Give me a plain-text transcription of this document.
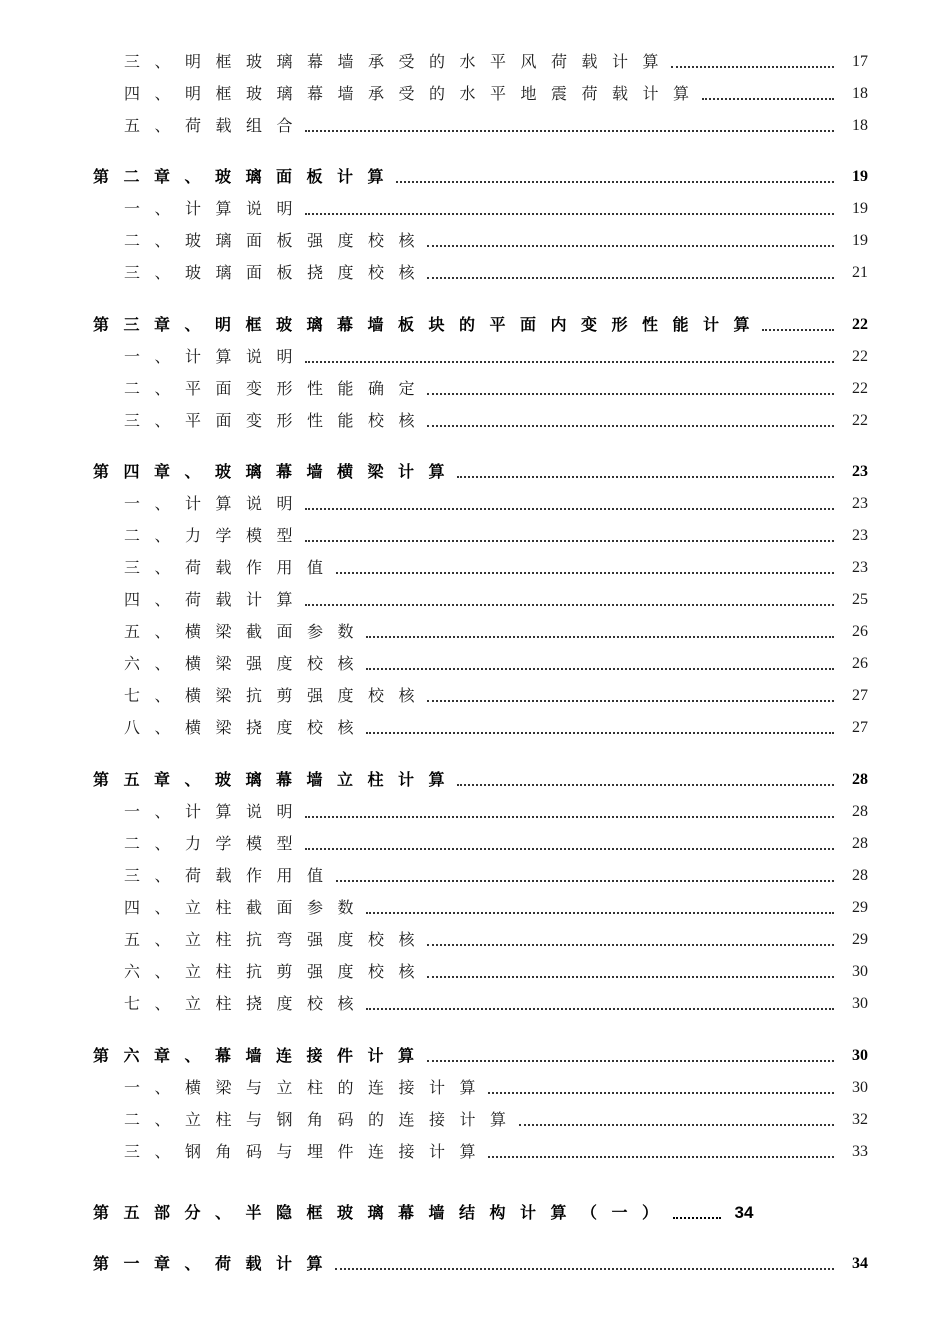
三、明框玻璃幕墙承受的水平风荷载计算	17
四、明框玻璃幕墙承受的水平地震荷载计算	18
五、荷载组合	18
第二章、玻璃面板计算	19
一、计算说明	19
二、玻璃面板强度校核	19
三、玻璃面板挠度校核	21
第三章、明框玻璃幕墙板块的平面内变形性能计算	22
一、计算说明	22
二、平面变形性能确定	22
三、平面变形性能校核	22
第四章、玻璃幕墙横梁计算	23
一、计算说明	23
二、力学模型	23
三、荷载作用值	23
四、荷载计算	25
五、横梁截面参数	26
六、横梁强度校核	26
七、横梁抗剪强度校核	27
八、横梁挠度校核	27
第五章、玻璃幕墙立柱计算	28
一、计算说明	28
二、力学模型	28
三、荷载作用值	28
四、立柱截面参数	29
五、立柱抗弯强度校核	29
六、立柱抗剪强度校核	30
七、立柱挠度校核	30
第六章、幕墙连接件计算	30
一、横梁与立柱的连接计算	30
二、立柱与钢角码的连接计算	32
三、钢角码与埋件连接计算	33
第五部分、半隐框玻璃幕墙结构计算（一）	34
第一章、荷载计算	34
